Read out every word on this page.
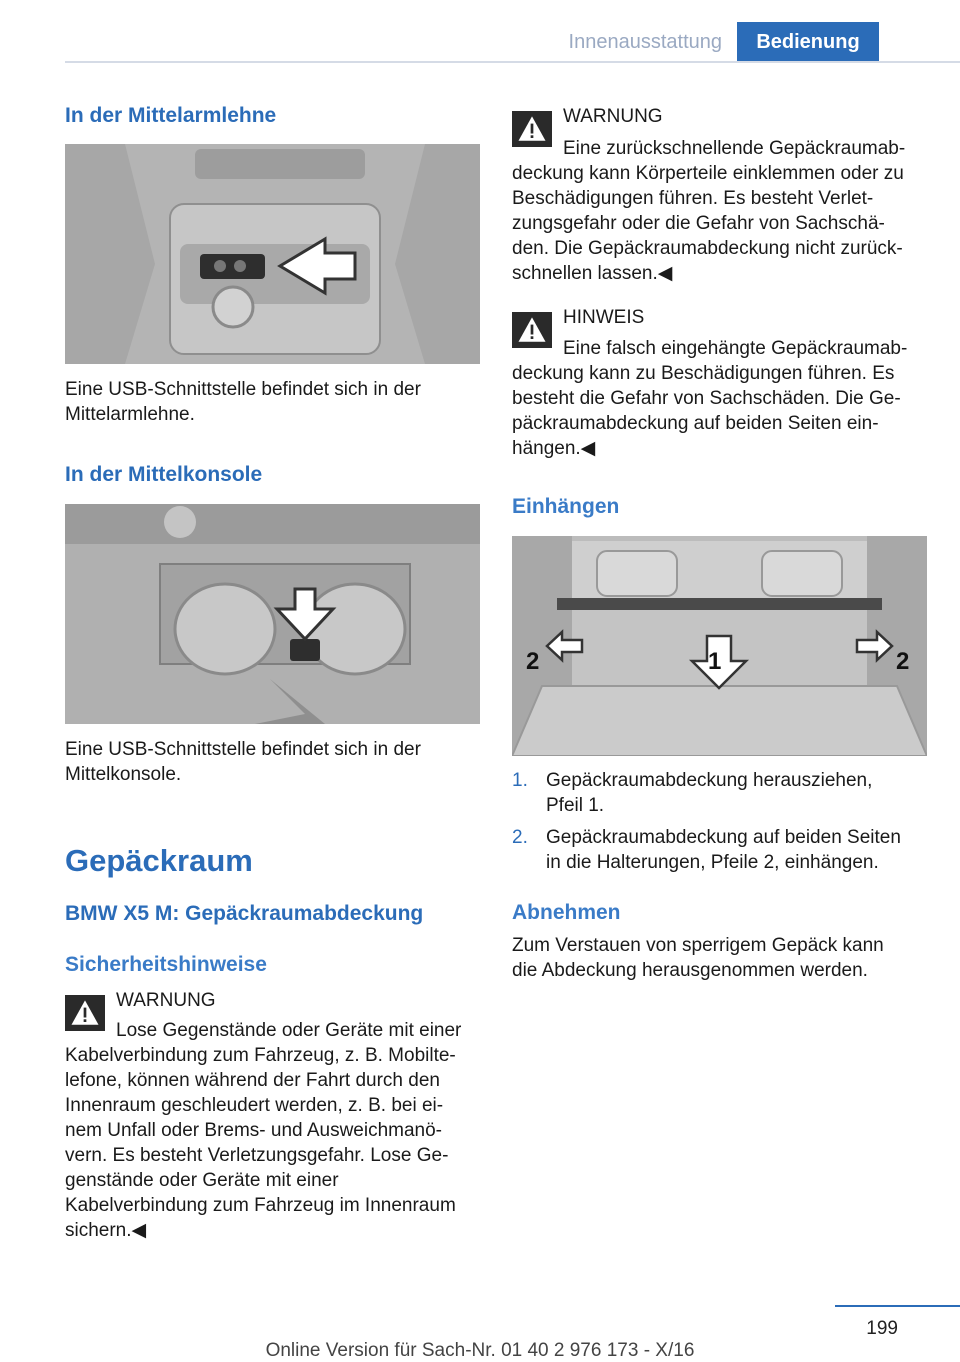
Innenausstattung	Bedienung
In der Mittelarmlehne

Eine USB-Schnittstelle befindet sich in der
Mittelarmlehne.

In der Mittelkonsole

Eine USB-Schnittstelle befindet sich in der
Mittelkonsole.

Gepäckraum
BMW X5 M: Gepäckraumabdeckung
Sicherheitshinweise
WARNUNG

Lose Gegenstände oder Geräte mit einer

Kabelverbindung zum Fahrzeug, z. B. Mobilte-

lefone, können während der Fahrt durch den

Innenraum geschleudert werden, z. B. bei ei-

nem Unfall oder Brems- und Ausweichmanö-

vern. Es besteht Verletzungsgefahr. Lose Ge-

genstände oder Geräte mit einer

Kabelverbindung zum Fahrzeug im Innenraum

sichern.◀

WARNUNG

Eine zurückschnellende Gepäckraumab-

deckung kann Körperteile einklemmen oder zu

Beschädigungen führen. Es besteht Verlet-

zungsgefahr oder die Gefahr von Sachschä-

den. Die Gepäckraumabdeckung nicht zurück-

schnellen lassen.◀

HINWEIS

Eine falsch eingehängte Gepäckraumab-

deckung kann zu Beschädigungen führen. Es

besteht die Gefahr von Sachschäden. Die Ge-

päckraumabdeckung auf beiden Seiten ein-

hängen.◀

Einhängen
2	1	2
1. Gepäckraumabdeckung herausziehen,
Pfeil 1.

2. Gepäckraumabdeckung auf beiden Seiten
in die Halterungen, Pfeile 2, einhängen.

Abnehmen

Zum Verstauen von sperrigem Gepäck kann
die Abdeckung herausgenommen werden.

199
Online Version für Sach-Nr. 01 40 2 976 173 - X/16
